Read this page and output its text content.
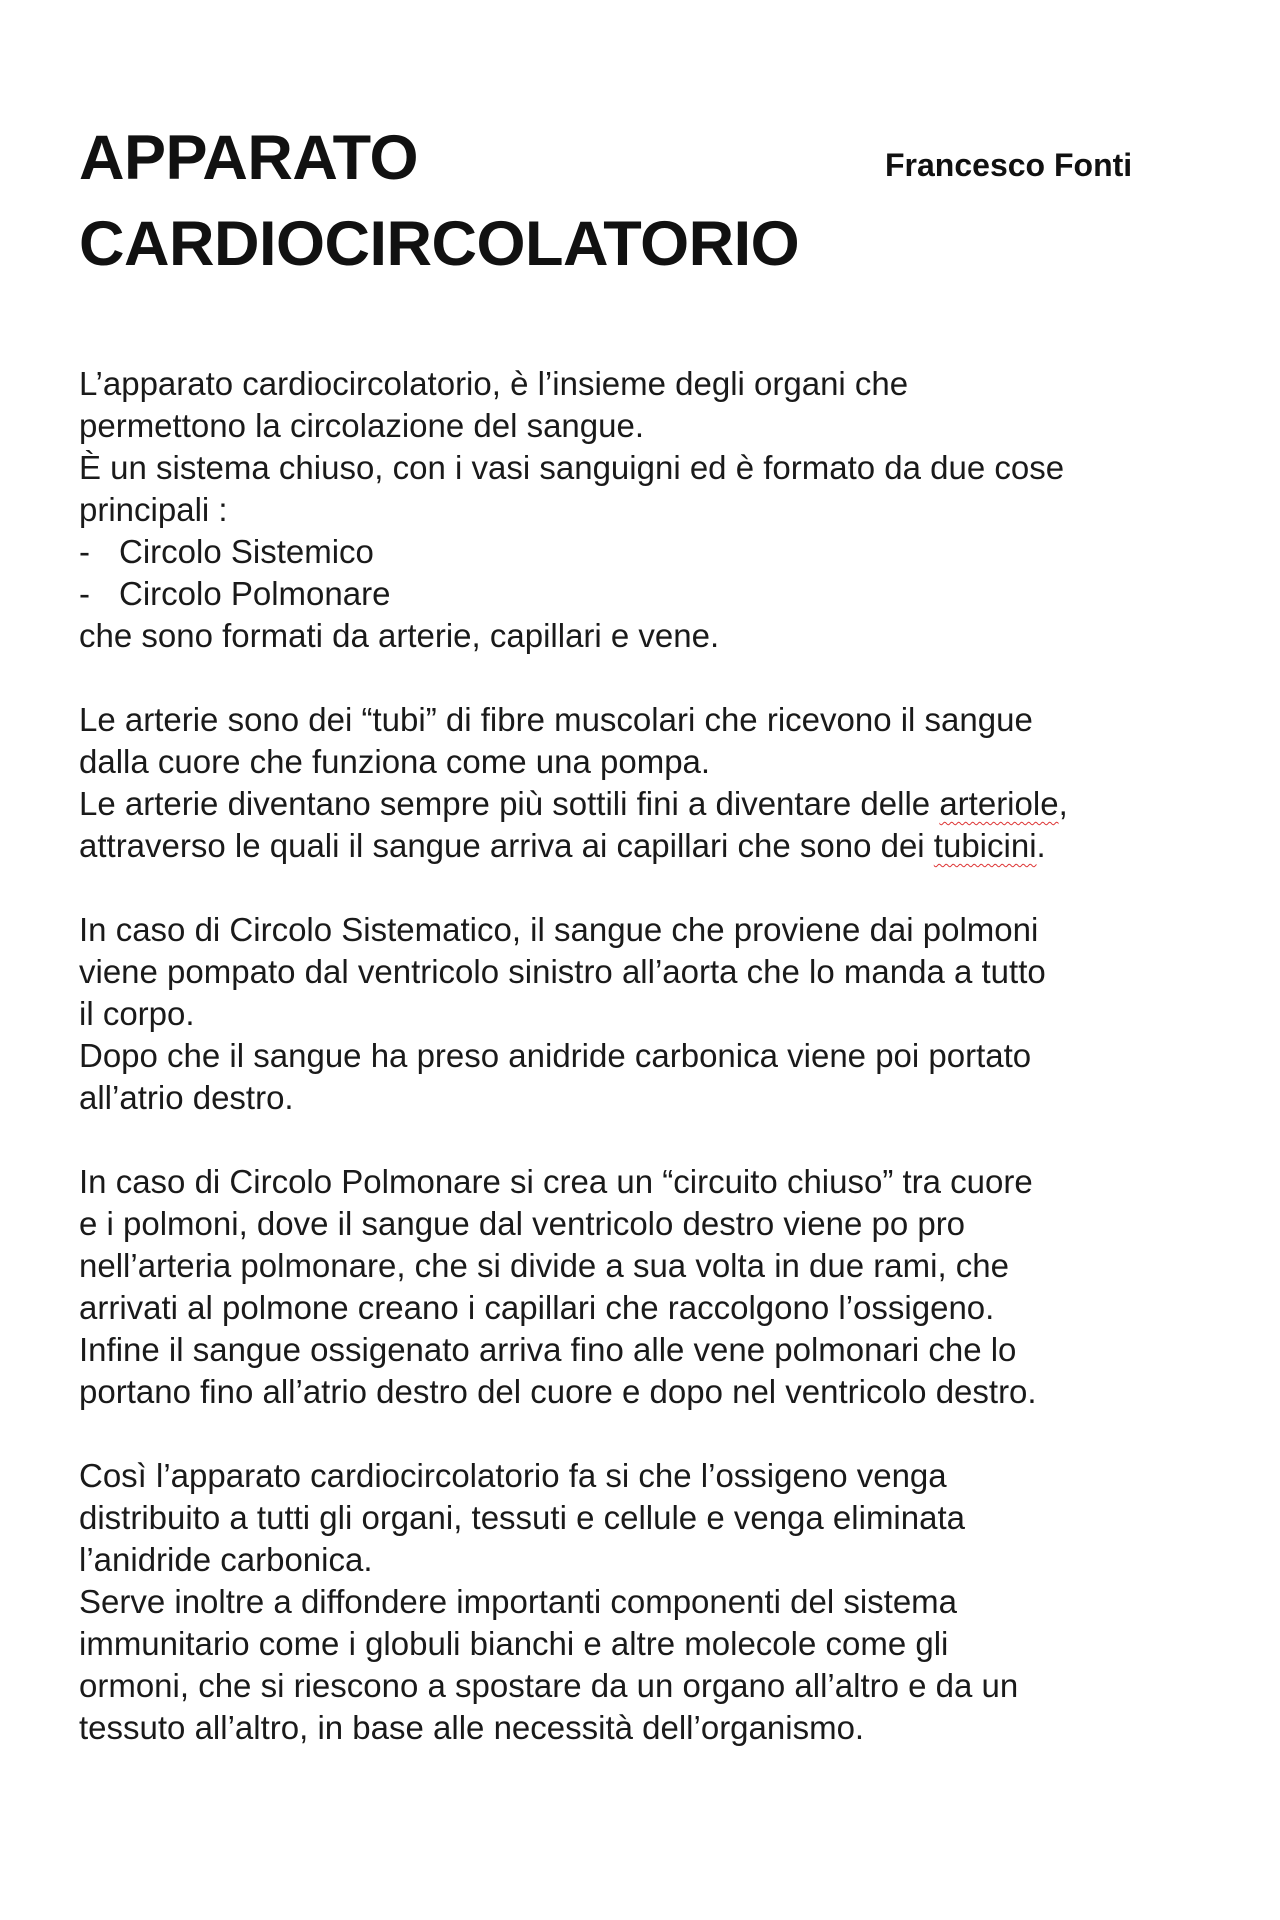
APPARATO
CARDIOCIRCOLATORIO
Francesco Fonti
L’apparato cardiocircolatorio, è l’insieme degli organi che
permettono la circolazione del sangue.
È un sistema chiuso, con i vasi sanguigni ed è formato da due cose
principali :
- Circolo Sistemico
- Circolo Polmonare
che sono formati da arterie, capillari e vene.
Le arterie sono dei “tubi” di fibre muscolari che ricevono il sangue
dalla cuore che funziona come una pompa.
Le arterie diventano sempre più sottili fini a diventare delle arteriole,
attraverso le quali il sangue arriva ai capillari che sono dei tubicini.
In caso di Circolo Sistematico, il sangue che proviene dai polmoni
viene pompato dal ventricolo sinistro all’aorta che lo manda a tutto
il corpo.
Dopo che il sangue ha preso anidride carbonica viene poi portato
all’atrio destro.
In caso di Circolo Polmonare si crea un “circuito chiuso” tra cuore
e i polmoni, dove il sangue dal ventricolo destro viene po pro
nell’arteria polmonare, che si divide a sua volta in due rami, che
arrivati al polmone creano i capillari che raccolgono l’ossigeno.
Infine il sangue ossigenato arriva fino alle vene polmonari che lo
portano fino all’atrio destro del cuore e dopo nel ventricolo destro.
Così l’apparato cardiocircolatorio fa si che l’ossigeno venga
distribuito a tutti gli organi, tessuti e cellule e venga eliminata
l’anidride carbonica.
Serve inoltre a diffondere importanti componenti del sistema
immunitario come i globuli bianchi e altre molecole come gli
ormoni, che si riescono a spostare da un organo all’altro e da un
tessuto all’altro, in base alle necessità dell’organismo.
